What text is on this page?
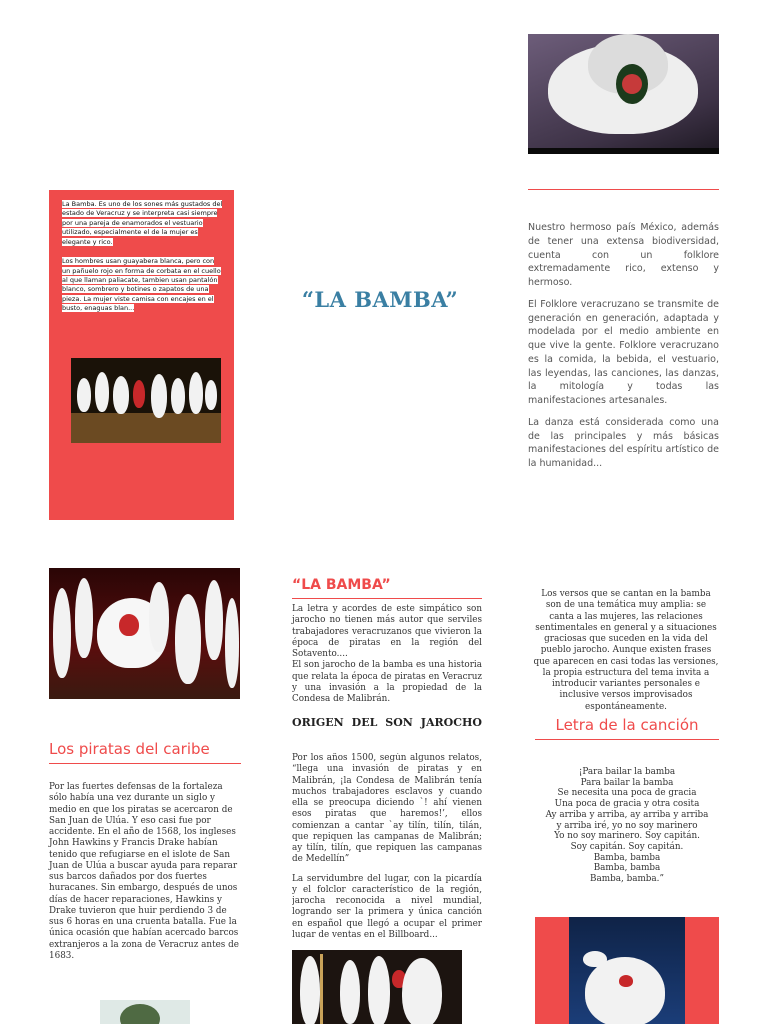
La Bamba. Es uno de los sones más gustados del estado de Veracruz y se interpreta casi siempre por una pareja de enamorados el vestuario utilizado, especialmente el de la mujer es elegante y rico.

Los hombres usan guayabera blanca, pero con un pañuelo rojo en forma de corbata en el cuello al que llaman paliacate, tambien usan pantalón blanco, sombrero y botines o zapatos de una pieza. La mujer viste camisa con encajes en el busto, enaguas blan...	“LA BAMBA”

Nuestro hermoso país México, además de tener una extensa biodiversidad, cuenta con un folklore extremadamente rico, extenso y hermoso.

El Folklore veracruzano se transmite de generación en generación, adaptada y modelada por el medio ambiente en que vive la gente. Folklore veracruzano es la comida, la bebida, el vestuario, las leyendas, las canciones, las danzas, la mitología y todas las manifestaciones artesanales.

La danza está considerada como una de las principales y más básicas manifestaciones del espíritu artístico de la humanidad...

Los piratas del caribe
Por las fuertes defensas de la fortaleza sólo había una vez durante un siglo y medio en que los piratas se acercaron de San Juan de Ulúa. Y eso casi fue por accidente. En el año de 1568, los ingleses John Hawkins y Francis Drake habían tenido que refugiarse en el islote de San Juan de Ulúa a buscar ayuda para reparar sus barcos dañados por dos fuertes huracanes. Sin embargo, después de unos días de hacer reparaciones, Hawkins y Drake tuvieron que huir perdiendo 3 de sus 6 horas en una cruenta batalla. Fue la única ocasión que habían acercado barcos extranjeros a la zona de Veracruz antes de 1683.
“LA BAMBA”
La letra y acordes de este simpático son jarocho no tienen más autor que serviles trabajadores veracruzanos que vivieron la época de piratas en la región del Sotavento....
El son jarocho de la bamba es una historia que relata la época de piratas en Veracruz y una invasión a la propiedad de la Condesa de Malibrán.
ORIGEN DEL SON JAROCHO

Por los años 1500, según algunos relatos, “llega una invasión de piratas y en Malibrán, ¡la Condesa de Malibrán tenía muchos trabajadores esclavos y cuando ella se preocupa diciendo `! ahí vienen esos piratas que haremos!’, ellos comienzan a cantar `ay tilín, tilín, tilán, que repiquen las campanas de Malibrán; ay tilín, tilín, que repiquen las campanas de Medellín”

La servidumbre del lugar, con la picardía y el folclor característico de la región, jarocha reconocida a nivel mundial, logrando ser la primera y única canción en español que llegó a ocupar el primer lugar de ventas en el Billboard...

Los versos que se cantan en la bamba son de una temática muy amplia: se canta a las mujeres, las relaciones sentimentales en general y a situaciones graciosas que suceden en la vida del pueblo jarocho. Aunque existen frases que aparecen en casi todas las versiones, la propia estructura del tema invita a introducir variantes personales e inclusive versos improvisados espontáneamente.
Letra de la canción
¡Para bailar la bamba
Para bailar la bamba
Se necesita una poca de gracia
Una poca de gracia y otra cosita
Ay arriba y arriba, ay arriba y arriba
y arriba iré, yo no soy marinero
Yo no soy marinero. Soy capitán.
Soy capitán. Soy capitán.
Bamba, bamba
Bamba, bamba
Bamba, bamba.”
